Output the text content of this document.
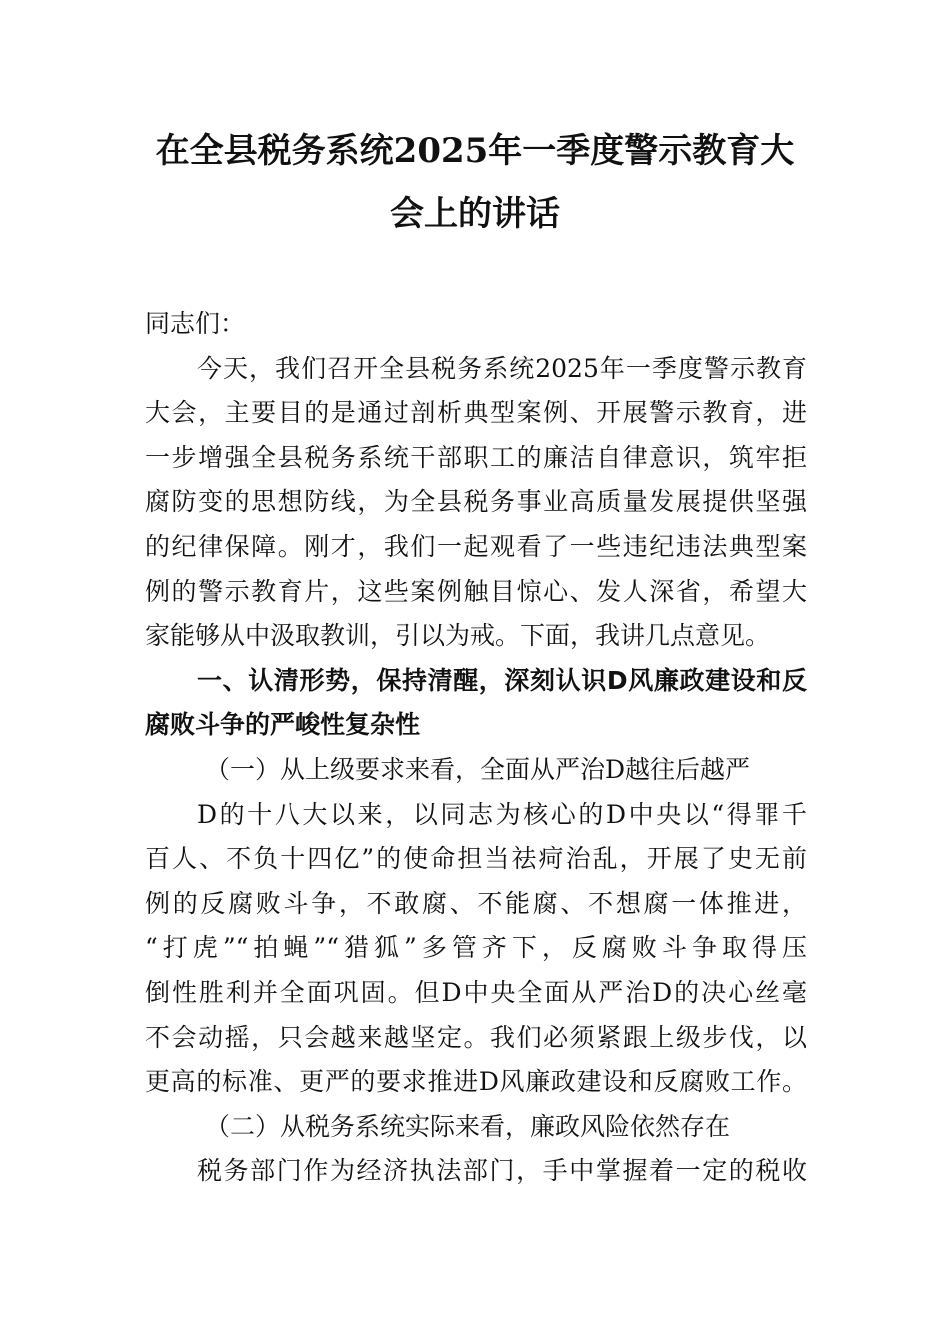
在全县税务系统2025年一季度警示教育大
会上的讲话
同志们：
今天，我们召开全县税务系统2025年一季度警示教育
大会，主要目的是通过剖析典型案例、开展警示教育，进
一步增强全县税务系统干部职工的廉洁自律意识，筑牢拒
腐防变的思想防线，为全县税务事业高质量发展提供坚强
的纪律保障。刚才，我们一起观看了一些违纪违法典型案
例的警示教育片，这些案例触目惊心、发人深省，希望大
家能够从中汲取教训，引以为戒。下面，我讲几点意见。
一、认清形势，保持清醒，深刻认识D风廉政建设和反
腐败斗争的严峻性复杂性
（一）从上级要求来看，全面从严治D越往后越严
D的十八大以来，以同志为核心的D中央以“得罪千
百人、不负十四亿”的使命担当祛疴治乱，开展了史无前
例的反腐败斗争，不敢腐、不能腐、不想腐一体推进，
“打虎”“拍蝇”“猎狐”多管齐下，反腐败斗争取得压
倒性胜利并全面巩固。但D中央全面从严治D的决心丝毫
不会动摇，只会越来越坚定。我们必须紧跟上级步伐，以
更高的标准、更严的要求推进D风廉政建设和反腐败工作。
（二）从税务系统实际来看，廉政风险依然存在
税务部门作为经济执法部门，手中掌握着一定的税收
